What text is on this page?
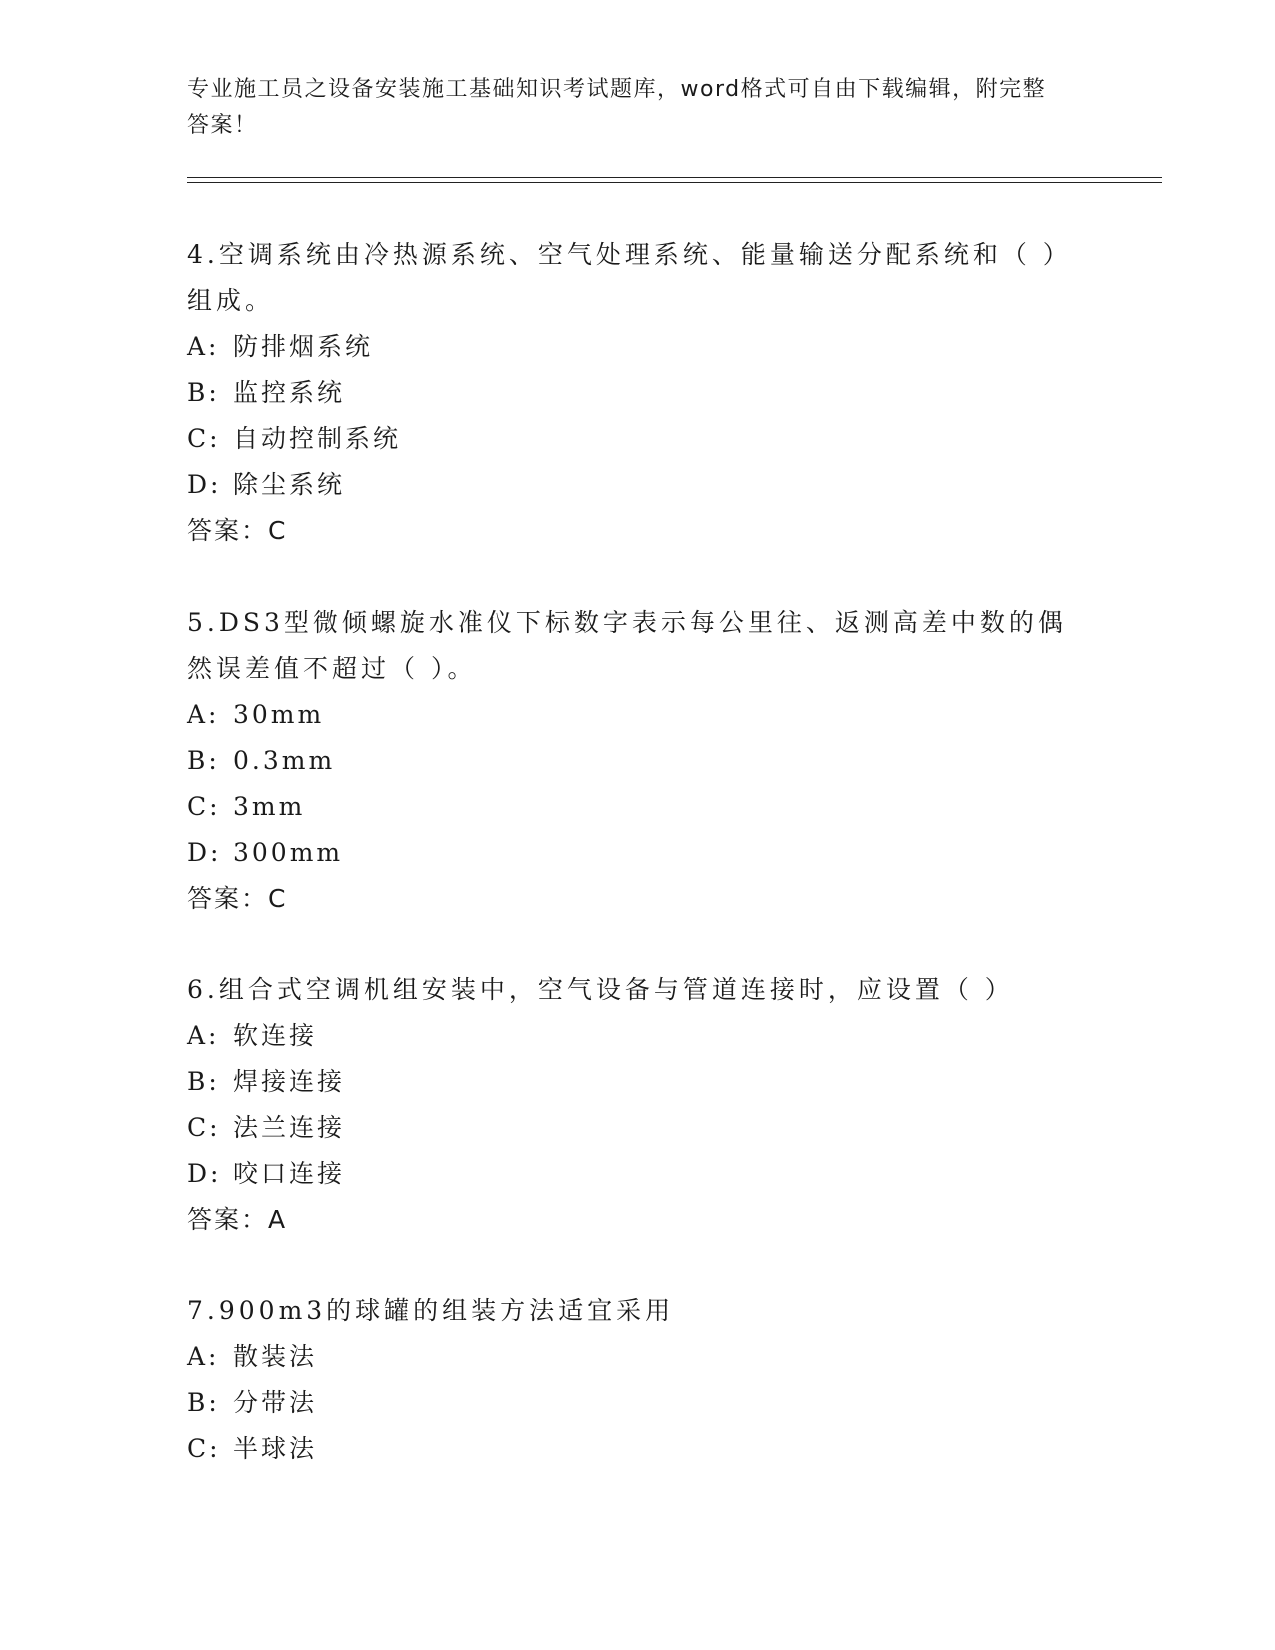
专业施工员之设备安装施工基础知识考试题库，word格式可自由下载编辑，附完整答案！

4.空调系统由冷热源系统、空气处理系统、能量输送分配系统和（ ）组成。

A: 防排烟系统
B: 监控系统
C: 自动控制系统
D: 除尘系统
答案：C

5.DS3型微倾螺旋水准仪下标数字表示每公里往、返测高差中数的偶然误差值不超过（ ）。

A: 30mm
B: 0.3mm
C: 3mm
D: 300mm
答案：C

6.组合式空调机组安装中，空气设备与管道连接时，应设置（ ）

A: 软连接
B: 焊接连接
C: 法兰连接
D: 咬口连接
答案：A

7.900m3的球罐的组装方法适宜采用

A: 散装法
B: 分带法
C: 半球法
